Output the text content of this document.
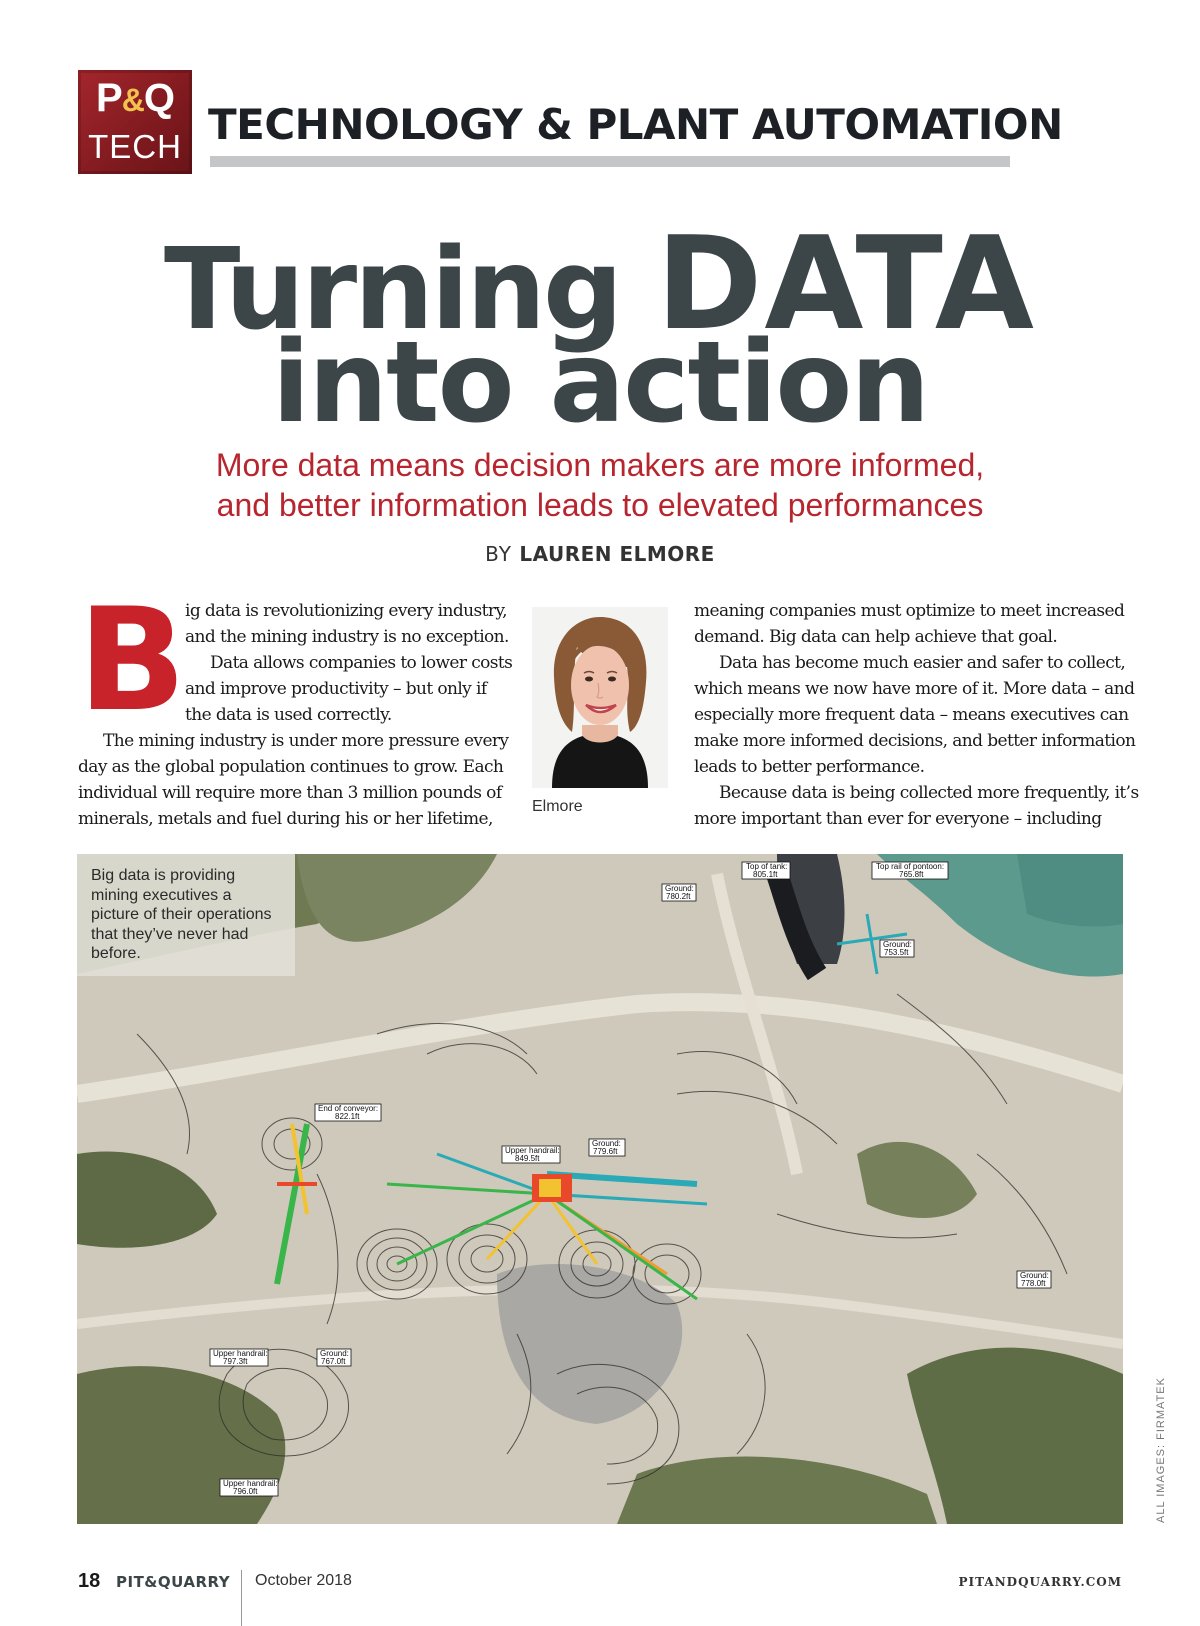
P&Q
TECH TECHNOLOGY & PLANT AUTOMATION
Turning DATA
into action
More data means decision makers are more informed,
and better information leads to elevated performances
BY LAUREN ELMORE
B
ig data is revolutionizing every industry,
and the mining industry is no exception.
Data allows companies to lower costs
and improve productivity – but only if
the data is used correctly.
The mining industry is under more pressure every
day as the global population continues to grow. Each
individual will require more than 3 million pounds of
minerals, metals and fuel during his or her lifetime,
Elmore
meaning companies must optimize to meet increased
demand. Big data can help achieve that goal.
Data has become much easier and safer to collect,
which means we now have more of it. More data – and
especially more frequent data – means executives can
make more informed decisions, and better information
leads to better performance.
Because data is being collected more frequently, it’s
more important than ever for everyone – including
Top of tank:
805.1ft
Top rail of pontoon:
765.8ft
Ground:
780.2ft
Ground:
753.5ft
End of conveyor:
822.1ft
Upper handrail:
849.5ft
Ground:
779.6ft
Ground:
778.0ft
Upper handrail:
797.3ft
Ground:
767.0ft
Upper handrail:
796.0ft
Big data is providing mining executives a picture of their operations that they’ve never had before.
ALL IMAGES: FIRMATEK
18 PIT&QUARRY October 2018	PITANDQUARRY.COM
